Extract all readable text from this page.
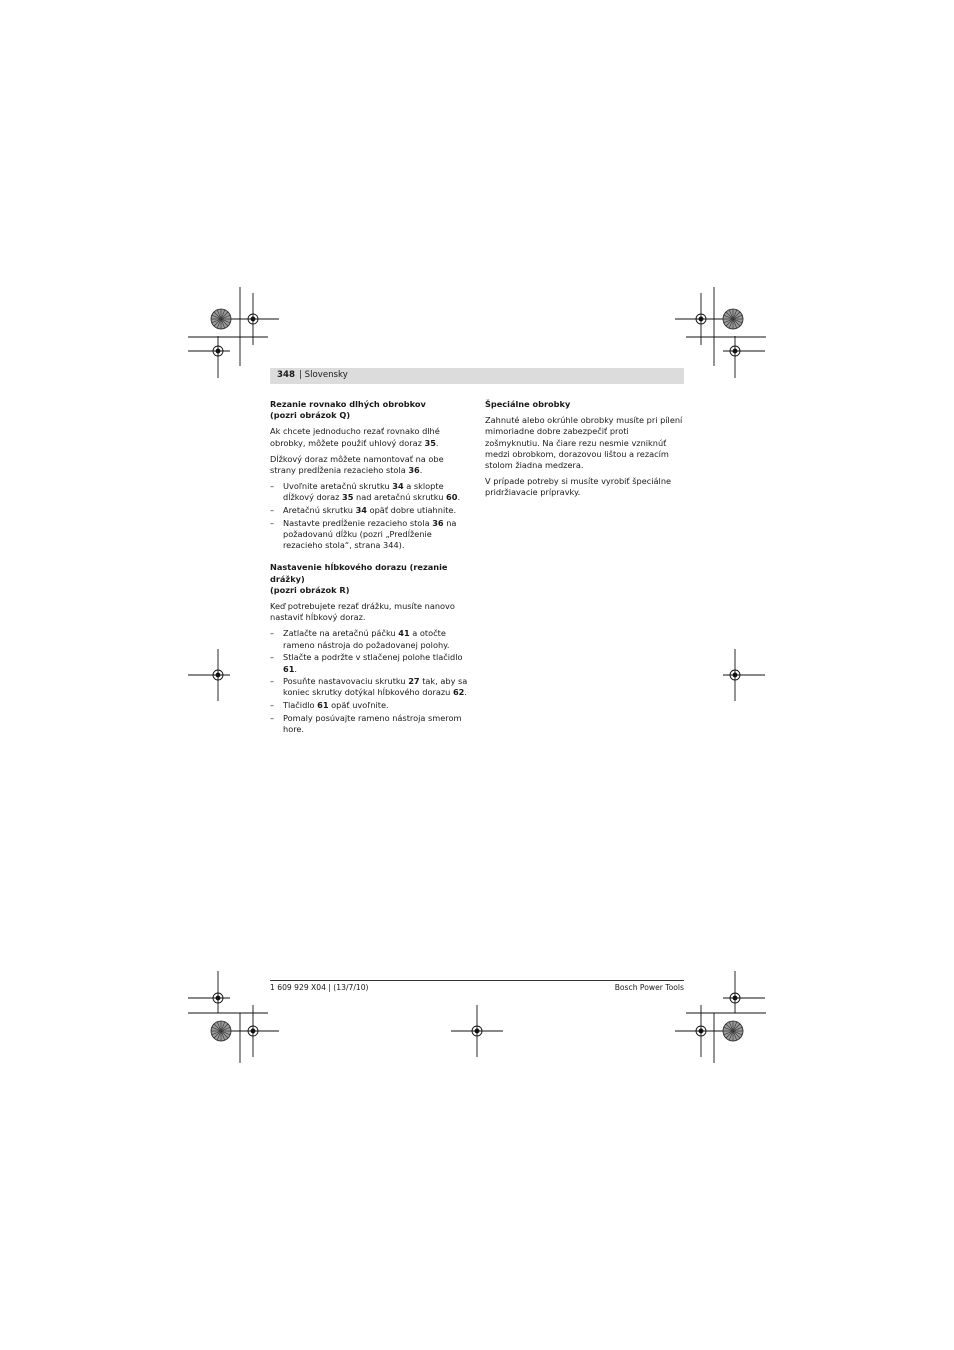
348 | Slovensky
Rezanie rovnako dlhých obrobkov
(pozri obrázok Q)

Ak chcete jednoducho rezať rovnako dlhé obrobky, môžete použiť uhlový doraz 35.

Dĺžkový doraz môžete namontovať na obe strany predĺženia rezacieho stola 36.

– Uvoľnite aretačnú skrutku 34 a sklopte dĺžkový doraz 35 nad aretačnú skrutku 60.
– Aretačnú skrutku 34 opäť dobre utiahnite.
– Nastavte predĺženie rezacieho stola 36 na požadovanú dĺžku (pozri „Predĺženie rezacieho stola“, strana 344).
Nastavenie hĺbkového dorazu (rezanie drážky)
(pozri obrázok R)

Keď potrebujete rezať drážku, musíte nanovo nastaviť hĺbkový doraz.

– Zatlačte na aretačnú páčku 41 a otočte rameno nástroja do požadovanej polohy.
– Stlačte a podržte v stlačenej polohe tlačidlo 61.
– Posuňte nastavovaciu skrutku 27 tak, aby sa koniec skrutky dotýkal hĺbkového dorazu 62.
– Tlačidlo 61 opäť uvoľnite.
– Pomaly posúvajte rameno nástroja smerom hore.
Špeciálne obrobky

Zahnuté alebo okrúhle obrobky musíte pri pílení mimoriadne dobre zabezpečiť proti zošmyknutiu. Na čiare rezu nesmie vzniknúť medzi obrobkom, dorazovou lištou a rezacím stolom žiadna medzera.

V prípade potreby si musíte vyrobiť špeciálne pridržiavacie prípravky.

1 609 929 X04 | (13/7/10)	Bosch Power Tools
